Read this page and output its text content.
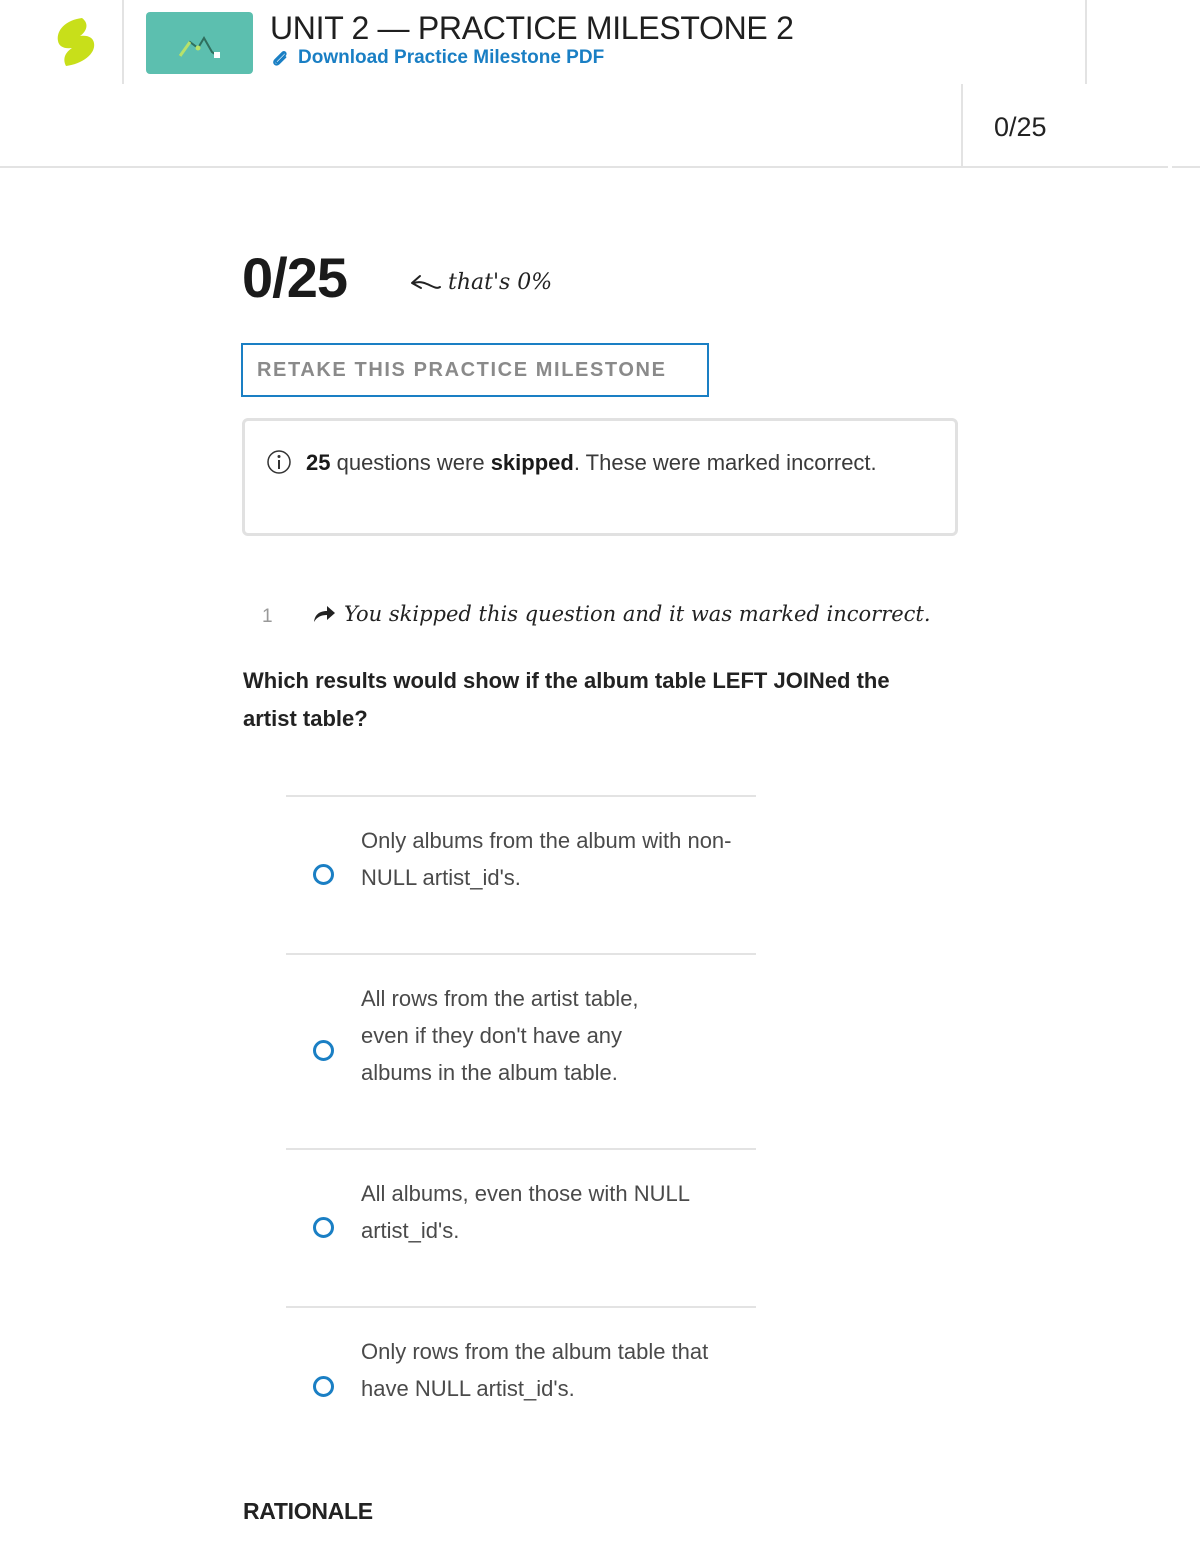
UNIT 2 — PRACTICE MILESTONE 2
Download Practice Milestone PDF
0/25
0/25	that's 0%
RETAKE THIS PRACTICE MILESTONE
25 questions were skipped. These were marked incorrect.
1	You skipped this question and it was marked incorrect.
Which results would show if the album table LEFT JOINed the artist table?
Only albums from the album with non-NULL artist_id's.
All rows from the artist table, even if they don't have any albums in the album table.
All albums, even those with NULL artist_id's.
Only rows from the album table that have NULL artist_id's.
RATIONALE
